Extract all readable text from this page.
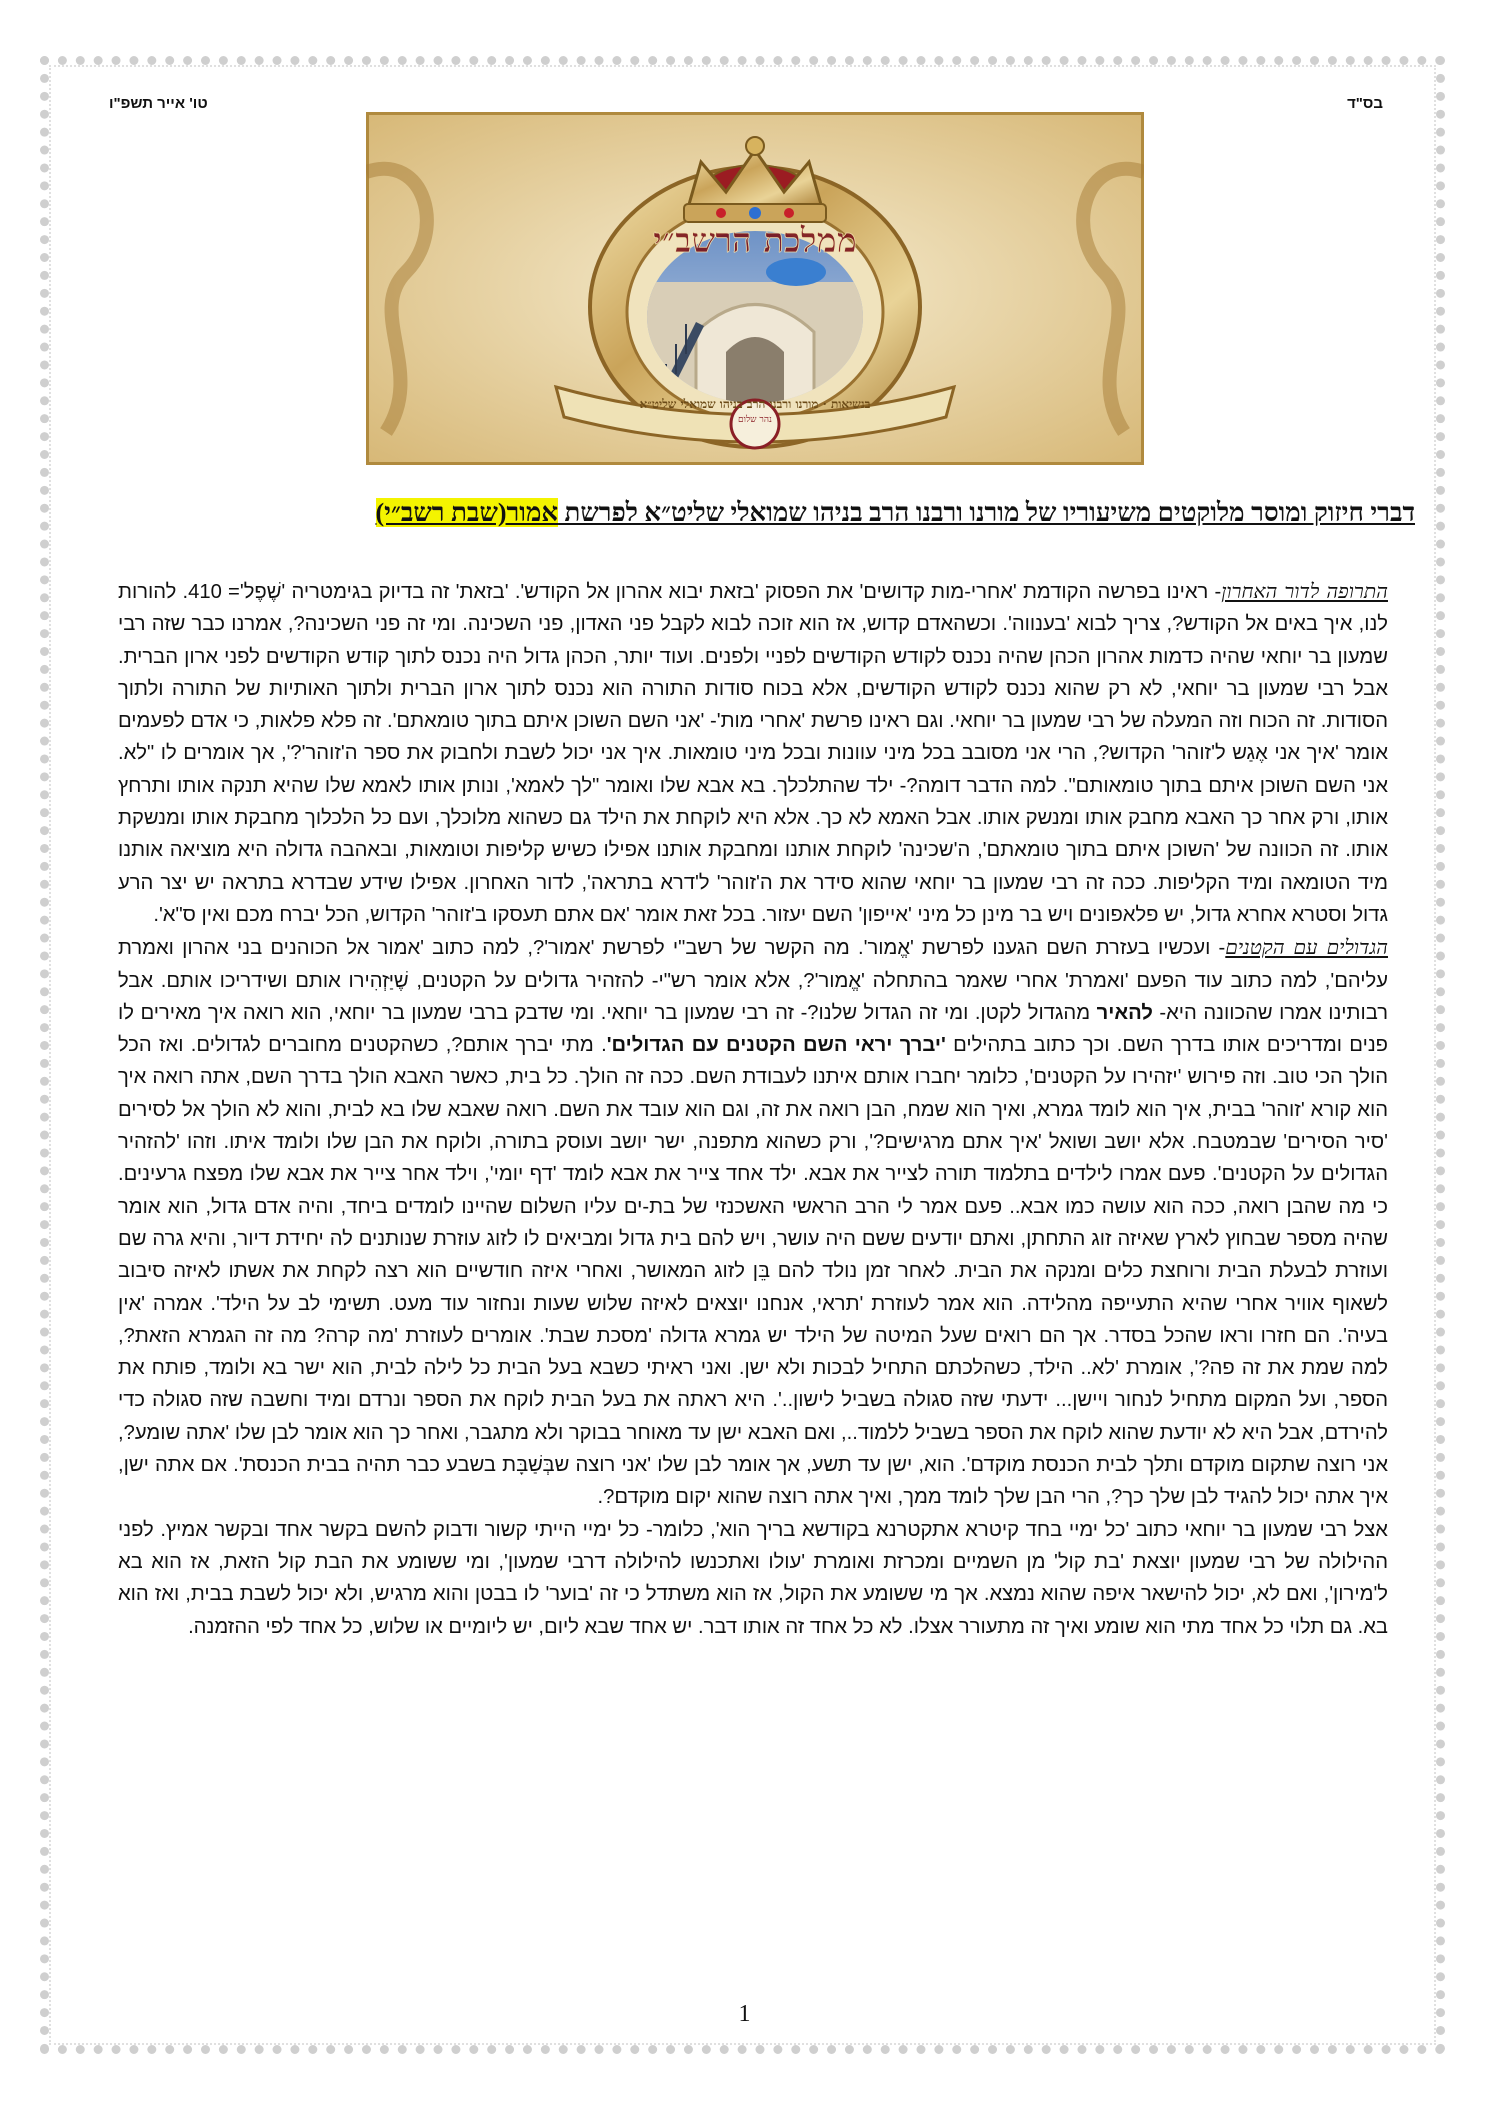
בס"ד
טו' אייר תשפ"ו
נהר שלום
בנשיאות · מורנו ורבנו הרב בניהו שמואלי שליט״א
ממלכת הרשב״י
דברי חיזוק ומוסר מלוקטים משיעוריו של מורנו ורבנו הרב בניהו שמואלי שליט״א לפרשת אמור(שבת רשב״י)

התרופה לדור האחרון- ראינו בפרשה הקודמת 'אחרי-מות קדושים' את הפסוק 'בזאת יבוא אהרון אל הקודש'. 'בזאת' זה בדיוק בגימטריה 'שֶׁפֶל'= 410. להורות לנו, איך באים אל הקודש?, צריך לבוא 'בענווה'. וכשהאדם קדוש, אז הוא זוכה לבוא לקבל פני האדון, פני השכינה. ומי זה פני השכינה?, אמרנו כבר שזה רבי שמעון בר יוחאי שהיה כדמות אהרון הכהן שהיה נכנס לקודש הקודשים לפניי ולפנים. ועוד יותר, הכהן גדול היה נכנס לתוך קודש הקודשים לפני ארון הברית. אבל רבי שמעון בר יוחאי, לא רק שהוא נכנס לקודש הקודשים, אלא בכוח סודות התורה הוא נכנס לתוך ארון הברית ולתוך האותיות של התורה ולתוך הסודות. זה הכוח וזה המעלה של רבי שמעון בר יוחאי. וגם ראינו פרשת 'אחרי מות'- 'אני השם השוכן איתם בתוך טומאתם'. זה פלא פלאות, כי אדם לפעמים אומר 'איך אני אֶגַש ל'זוהר' הקדוש?, הרי אני מסובב בכל מיני עוונות ובכל מיני טומאות. איך אני יכול לשבת ולחבוק את ספר ה'זוהר'?', אך אומרים לו "לא. אני השם השוכן איתם בתוך טומאותם". למה הדבר דומה?- ילד שהתלכלך. בא אבא שלו ואומר "לך לאמא', ונותן אותו לאמא שלו שהיא תנקה אותו ותרחץ אותו, ורק אחר כך האבא מחבק אותו ומנשק אותו. אבל האמא לא כך. אלא היא לוקחת את הילד גם כשהוא מלוכלך, ועם כל הלכלוך מחבקת אותו ומנשקת אותו. זה הכוונה של 'השוכן איתם בתוך טומאתם', ה'שכינה' לוקחת אותנו ומחבקת אותנו אפילו כשיש קליפות וטומאות, ובאהבה גדולה היא מוציאה אותנו מיד הטומאה ומיד הקליפות. ככה זה רבי שמעון בר יוחאי שהוא סידר את ה'זוהר' ל'דרא בתראה', לדור האחרון. אפילו שידע שבדרא בתראה יש יצר הרע גדול וסטרא אחרא גדול, יש פלאפונים ויש בר מינן כל מיני 'אייפון' השם יעזור. בכל זאת אומר 'אם אתם תעסקו ב'זוהר' הקדוש, הכל יברח מכם ואין ס"א'.

הגדולים עם הקטנים- ועכשיו בעזרת השם הגענו לפרשת 'אֱמור'. מה הקשר של רשב"י לפרשת 'אמור'?, למה כתוב 'אמור אל הכוהנים בני אהרון ואמרת עליהם', למה כתוב עוד הפעם 'ואמרת' אחרי שאמר בהתחלה 'אֱמור'?, אלא אומר רש"י- להזהיר גדולים על הקטנים, שֶׁיַּזְהִירו אותם ושידריכו אותם. אבל רבותינו אמרו שהכוונה היא- להאיר מהגדול לקטן. ומי זה הגדול שלנו?- זה רבי שמעון בר יוחאי. ומי שדבק ברבי שמעון בר יוחאי, הוא רואה איך מאירים לו פנים ומדריכים אותו בדרך השם. וכך כתוב בתהילים 'יברך יראי השם הקטנים עם הגדולים'. מתי יברך אותם?, כשהקטנים מחוברים לגדולים. ואז הכל הולך הכי טוב. וזה פירוש 'יזהירו על הקטנים', כלומר יחברו אותם איתנו לעבודת השם. ככה זה הולך. כל בית, כאשר האבא הולך בדרך השם, אתה רואה איך הוא קורא 'זוהר' בבית, איך הוא לומד גמרא, ואיך הוא שמח, הבן רואה את זה, וגם הוא עובד את השם. רואה שאבא שלו בא לבית, והוא לא הולך אל לסירים 'סיר הסירים' שבמטבח. אלא יושב ושואל 'איך אתם מרגישים?', ורק כשהוא מתפנה, ישר יושב ועוסק בתורה, ולוקח את הבן שלו ולומד איתו. וזהו 'להזהיר הגדולים על הקטנים'. פעם אמרו לילדים בתלמוד תורה לצייר את אבא. ילד אחד צייר את אבא לומד 'דף יומי', וילד אחר צייר את אבא שלו מפצח גרעינים. כי מה שהבן רואה, ככה הוא עושה כמו אבא.. פעם אמר לי הרב הראשי האשכנזי של בת-ים עליו השלום שהיינו לומדים ביחד, והיה אדם גדול, הוא אומר שהיה מספר שבחוץ לארץ שאיזה זוג התחתן, ואתם יודעים ששם היה עושר, ויש להם בית גדול ומביאים לו לזוג עוזרת שנותנים לה יחידת דיור, והיא גרה שם ועוזרת לבעלת הבית ורוחצת כלים ומנקה את הבית. לאחר זמן נולד להם בֵּן לזוג המאושר, ואחרי איזה חודשיים הוא רצה לקחת את אשתו לאיזה סיבוב לשאוף אוויר אחרי שהיא התעייפה מהלידה. הוא אמר לעוזרת 'תראי, אנחנו יוצאים לאיזה שלוש שעות ונחזור עוד מעט. תשימי לב על הילד'. אמרה 'אין בעיה'. הם חזרו וראו שהכל בסדר. אך הם רואים שעל המיטה של הילד יש גמרא גדולה 'מסכת שבת'. אומרים לעוזרת 'מה קרה? מה זה הגמרא הזאת?, למה שמת את זה פה?', אומרת 'לא.. הילד, כשהלכתם התחיל לבכות ולא ישן. ואני ראיתי כשבא בעל הבית כל לילה לבית, הוא ישר בא ולומד, פותח את הספר, ועל המקום מתחיל לנחור ויישן... ידעתי שזה סגולה בשביל לישון..'. היא ראתה את בעל הבית לוקח את הספר ונרדם ומיד וחשבה שזה סגולה כדי להירדם, אבל היא לא יודעת שהוא לוקח את הספר בשביל ללמוד.., ואם האבא ישן עד מאוחר בבוקר ולא מתגבר, ואחר כך הוא אומר לבן שלו 'אתה שומע?, אני רוצה שתקום מוקדם ותלך לבית הכנסת מוקדם'. הוא, ישן עד תשע, אך אומר לבן שלו 'אני רוצה שבְּשַׁבָּת בשבע כבר תהיה בבית הכנסת'. אם אתה ישן, איך אתה יכול להגיד לבן שלך כך?, הרי הבן שלך לומד ממך, ואיך אתה רוצה שהוא יקום מוקדם?.

אצל רבי שמעון בר יוחאי כתוב 'כל ימיי בחד קיטרא אתקטרנא בקודשא בריך הוא', כלומר- כל ימיי הייתי קשור ודבוק להשם בקשר אחד ובקשר אמיץ. לפני ההילולה של רבי שמעון יוצאת 'בת קול' מן השמיים ומכרזת ואומרת 'עולו ואתכנשו להילולה דרבי שמעון', ומי ששומע את הבת קול הזאת, אז הוא בא ל'מירון', ואם לא, יכול להישאר איפה שהוא נמצא. אך מי ששומע את הקול, אז הוא משתדל כי זה 'בוער' לו בבטן והוא מרגיש, ולא יכול לשבת בבית, ואז הוא בא. גם תלוי כל אחד מתי הוא שומע ואיך זה מתעורר אצלו. לא כל אחד זה אותו דבר. יש אחד שבא ליום, יש ליומיים או שלוש, כל אחד לפי ההזמנה.

1
